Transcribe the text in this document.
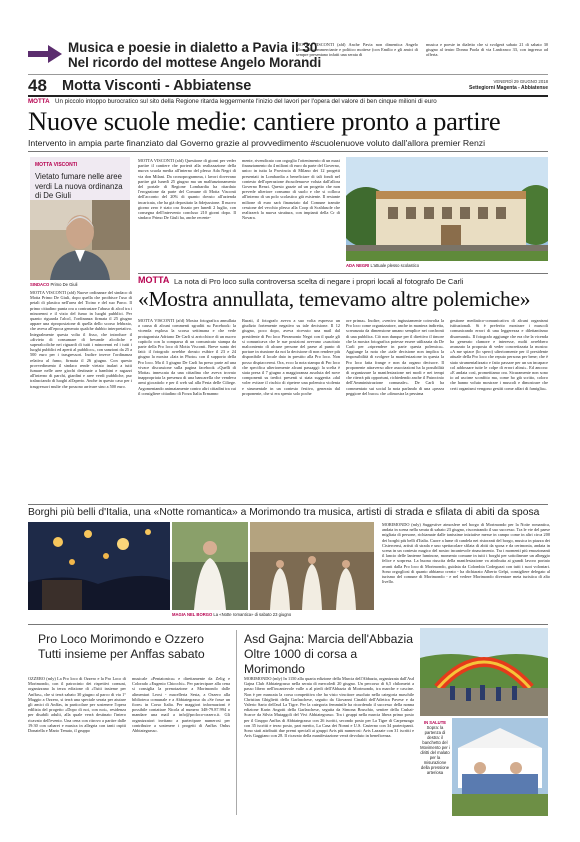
Musica e poesie in dialetto a Pavia il 30
Nel ricordo del mottese Angelo Morandi
MOTTA VISCONTI (afd) Anche Pavia non dimentica Angelo Morandi, commerciante e politico mottese (con Emilio e gli amici di sempre presentano infatti una serata di
musica e poesie in dialetto che si svolgerà sabato 21 di sabato 30 giugno al teatro Donna Paola di via Lanfranco 33, con ingresso ad offerta.
48 Motta Visconti - Abbiatense	VENERDÌ 29 GIUGNO 2018
Settegiorni Magenta - Abbiatense
MOTTA Un piccolo intoppo burocratico sul sito della Regione ritarda leggermente l'inizio del lavori per l'opera del valore di ben cinque milioni di euro
Nuove scuole medie: cantiere pronto a partire
Intervento in ampia parte finanziato dal Governo grazie al provvedimento #scuolenuove voluto dall'allora premier Renzi
MOTTA VISCONTI
Vietato fumare nelle aree verdi La nuova ordinanza di De Giuli
SINDACO Primo De Giuli
MOTTA VISCONTI (afd) Nuove ordinanze del sindaco di Motta Primo De Giuli, dopo quella che proibisce l'uso di petali di plastica nell'area del Ticino e del suo Parco. Il primo cittadino punta ora a contrastare l'abuso di alcol tra i minorenni e il vizio del fumo in luoghi pubblici. Per quanto riguarda l'alcol, l'ordinanza firmata il 25 giugno appare una riproposizione di quella dello scorso febbraio, che aveva all'epoca generato qualche dubbio interpretativo. Integralmente questa volta il fisso, che introduce il «divieto di consumare di bevande alcoliche e superalcoliche nei riguardi di tutti i minorenni ed i tutti i luoghi pubblici ed aperti al pubblico», con sanzioni da 25 a 500 euro per i trasgressori. Inoltre invece l'ordinanza relativa al fumo, firmata il 26 giugno. Con questo provvedimento il sindaco rende vietato inalari a tutti fumare nelle aree giochi destinate a bambini e ragazzi all'interno di parchi, giardini e aree verdi pubbliche, pur tralasciando di luoghi all'aperto. Anche in questo caso per i trasgressori multe che possono arrivare sino a 500 euro.
MOTTA VISCONTI (afd) Questione di giorni per veder partire il cantiere che porterà alla realizzazione della nuova scuola media all'interno del plesso Ada Negri di via don Milani. Da cronoprogramma, i lavori dovevano partire già lunedì 25 giugno ma un malfunzionamento del portale di Regione Lombardia ha ritardato l'erogazione da parte del Comune di Motta Visconti dell'acconto del 20% di quanto dovuto all'azienda incaricata, che ha già depositato la fidejussione. Il nuovo giorno zero è stato ora fissato per lunedì 2 luglio, con consegna dell'intervento concluso 210 giorni dopo. Il sindaco Primo De Giuli ha, anche recente-
mente, rivendicato con orgoglio l'ottenimento di un maxi finanziamento da 4 milioni di euro da parte del Governo, unico in tutta la Provincia di Milano dei 12 progetti presentati in Lombardia a beneficiare di tali fondi nel contesto dell'operazione #scuolenuove voluta dall'allora Governo Renzi. Questo grazie ad un progetto che non prevede ulteriore consumo di suolo e che si colloca all'interno di un polo scolastico già esistente. Il restante milione di euro sarà finanziato dal Comune tramite cessione del vecchio plesso alla Coop di Scaldasole che realizzerà la nuova struttura, con impianti della Cr di Novara.
ADA NEGRI L'attuale plesso scolastico
MOTTA La nota di Pro loco sulla controversa scelta di negare i propri locali al fotografo De Carli
«Mostra annullata, temevamo altre polemiche»
MOTTA VISCONTI (afd) Mostra fotografica annullata a causa di alcuni commenti sgraditi su Facebook: la vicenda esplosa la scorsa settimana e che vede protagonista Adriano De Carli si arricchisce di un nuovo capitolo con la comparsa di un comunicato stampa da parte della Pro loco di Motta Visconti. Breve sunto dei fatti: il fotografo avrebbe dovuto esibire il 23 e 24 giugno la mostra «Iaiz in Photo» con il supporto della Pro loco. Ma il 3 giugno De Carli ha preso parte ad una vivace discussione sulla pagina facebook «Quelli di Motta» innescata da una cittadina che aveva trovato inappropriata la presenza di una bancarella che vendeva armi giocattolo e per il web sul alla Festa delle Ciliege. Argomentando animatamente contro altri cittadini tra cui il consigliere cittadino di Forza Italia Ermanno
Burati, il fotografo aveva a suo volta espresso un giudizio fortemente negativo su tale decisione. Il 12 giugno, poco dopo, aveva ricevuto una mail dal presidente di Pro loco Pieramonio Negri con il quale gli si comunicava che le sue posizioni avevano «suscitato malcontento di alcune persone del paese al punto di portare in riunione da noi la decisione di non rendere più disponibile il locale dato in prestito alla Pro loco. Non posso dispiaccermi. Ora, ecco la nota stampa di Pro loco che specifica ulteriormente alcuni passaggi: la scelta è stata presa il 7 giugno a maggioranza assoluta del nove componenti su tredici presenti si stata suggerita «dal voler evitare il rischio di ripetere una polemica violenta e strumentale in un contesto festivo, generata dal proponente, che si era spento solo poche
ore prima». Inoltre, «venivo ingiustamente coinvolta la Pro loco come organizzatore, anche in maniera indiretta, screanzata da dimensione umano semplice nei confronti di una pubblica. Ciò non dunque per il direttivo il timore che la mostra fotografica potesse essere utilizzata da De Carli per «riprendere in parte questa polemica». Aggiunge la nota che «tale decisione non implica la impossibilità di svolgere la manifestazione in questa la Pro loco fatta frange e non da organo decisore. Il proponente attraverso altre associazioni ha la possibilità di organizzare la manifestazione nei modi e nei tempi che riterrà più opportuni, richiedendo anche il Patrocinio dell'Amministrazione comunale». De Carli ha commentato sui social la nota parlando di una «pezza peggiore del buco» che «dimostra la pessima
gestione mediatico-comunicativa di alcuni organismi istituzionali. Si è preferito mostrare i muscoli comunicando errori di una leggerezza e dilettantismo disarmanti». Il fotografo aggiunge che era che la vicenda ha generato clamore e interesse, molti avrebbero avanzato la proposta di veder concretizzata la mostra: «A me spiace (lo spero) ulteriormente per il presidente attuale della Pro loco che reputo persona per bene; che è stato strumentalizzato e fatto passare per un un incapace col addossare tutte le colpe di errori altrui». Ed ancora: «E andata così, promettiamo ora. Sicuramente non sono io ad uscirne sconfitto ma, come ho già scritto, coloro che hanno voluto mostrare i muscoli e dimostrare che certi organismi vengono gestiti come affari di famiglia».
Borghi più belli d'Italia, una «Notte romantica» a Morimondo tra musica, artisti di strada e sfilata di abiti da sposa
MAGIA NEL BORGO La «Notte romantica» di sabato 23 giugno
MORIMONDO (mly) Suggestive atmosfere nel borgo di Morimondo per la Notte romantica, andata in scena nella serata di sabato 23 giugno, riscontrando il suo successo. Tra le vie del paese migliaia di persone, richiamate dalle tanissime iniziative messe in campo come in altri circa 200 dei borghi più belli d'Italia. Cuore a lume di candela nei ristoranti del borgo, musica in piazza dei Cistercensi, artisti di strada e uno spettacolare sfilata di abiti da sposa e da cerimonia, andata in scena in un contesto magico del nostro incantevole rinascimento. Tra i momenti più emozionanti il lancio delle lanterne luminose, momento comune in tutti i borghi per sottolineare un albeggio felice e sorpresa. La buona riuscita della manifestazione va attribuita ai grandi lavoro portato avanti dalla Pro loco di Morimondo, guidata da Colombia Codeguzzi con tutti i suoi volontari. Sono orgogliosi di quanto abbiamo creato - ha dichiarato Alberto Gelpi, consigliere delegato al turismo del comune di Morimondo - e nel vedere Morimondo diventare meta turistica di alto livello.
Pro Loco Morimondo e Ozzero Tutti insieme per Anffas sabato
OZZERO (mly) La Pro loco di Ozzero e la Pro Loco di Morimondo, con il patrocinio dei rispettivi comuni, organizzano la terza edizione di «Tutti insieme per Anffas», che si terrà sabato 30 giugno al parco di via 1° Maggio a Ozzero, si terrà una speciale serata per aiutare gli amici di Anffas, in particolare per sostenere l'opera edilizia del progetto «Dopo di noi, con noi», residenza per disabili adulti, alla quale verrà destinato l'intero ricavato dell'evento. Una cena con ritrovo a partire dalle 19:30 con cabaret e musica in allegria con tanti ospiti Donatella e Mario Tenuto, il gruppo
musicale «Pentatonica» e direttamente da Zelig e Colorado «Eugenio Chiocchi». Per partecipare alla cena si consiglia la prenotazione a Morimondo dalle alimentari Leosi - macelleria Sesta, a Ozzero alla biblioteca comunale e a Abbiategrasso da «Se fosse un fiore» in Corso Italia. Per maggiori informazioni è possibile contattare Nicola al numero 348-79.87.994 o mandare una mail a info@proloco-ozzero.it. Gli organizzatori invitano a partecipare numerosi per contribuire a sostenere i progetti di Anffas Onlus Abbiategrasso.
Asd Gajna: Marcia dell'Abbazia Oltre 1000 di corsa a Morimondo
MORIMONDO (mly) In 1150 alla quarta edizione della Marcia dell'Abbazia, organizzata dall'Asd Gajna Club Abbiategrasso nella serata di mercoledì 20 giugno. Un percorso di 6,5 chilometri a passo libero nell'incantevole valle a al piedi dell'Abbazia di Morimondo, tra marche e cascine. Non è per mancata la corsa competitiva che ha visto vincitore assoluto nella categoria maschile Christian Ghiglietti della Garlaschese, seguito da Giovanni Cinaldi dell'Atletica Pavese e da Valerio Sarto dell'asd La Tigre. Per la categoria femminile ha ricordendo il successo della nonna edizione Karin Angotti della Garlaschese, seguita da Simona Bruschio, senitee della Cashai-Scarce da Silvia Mutaggoli del Vivi Abbiategrasso. Tra i gruppi nella marcia libera primo posto per il Gruppo Anffas di Abbiategrasso con 26 iscritti, secondo posto per La Tigre di Carpenzago con 35 iscritti e terzo posto, pari merito, La Casa dei Nonni e U.S. Casterno con 34 partecipanti. Sono stati attribuiti due premi speciali ai gruppi Avis più numerosi: Avis Lazzate con 31 iscritti e Avis Gaggiano con 28. Il ricavato della manifestazione verrà devoluto in beneficenza.
IN SALUTE
Sopra: la partenza di destra: il banchetto del Movimento per i diritti del malato per la misurazione della pressione arteriosa
